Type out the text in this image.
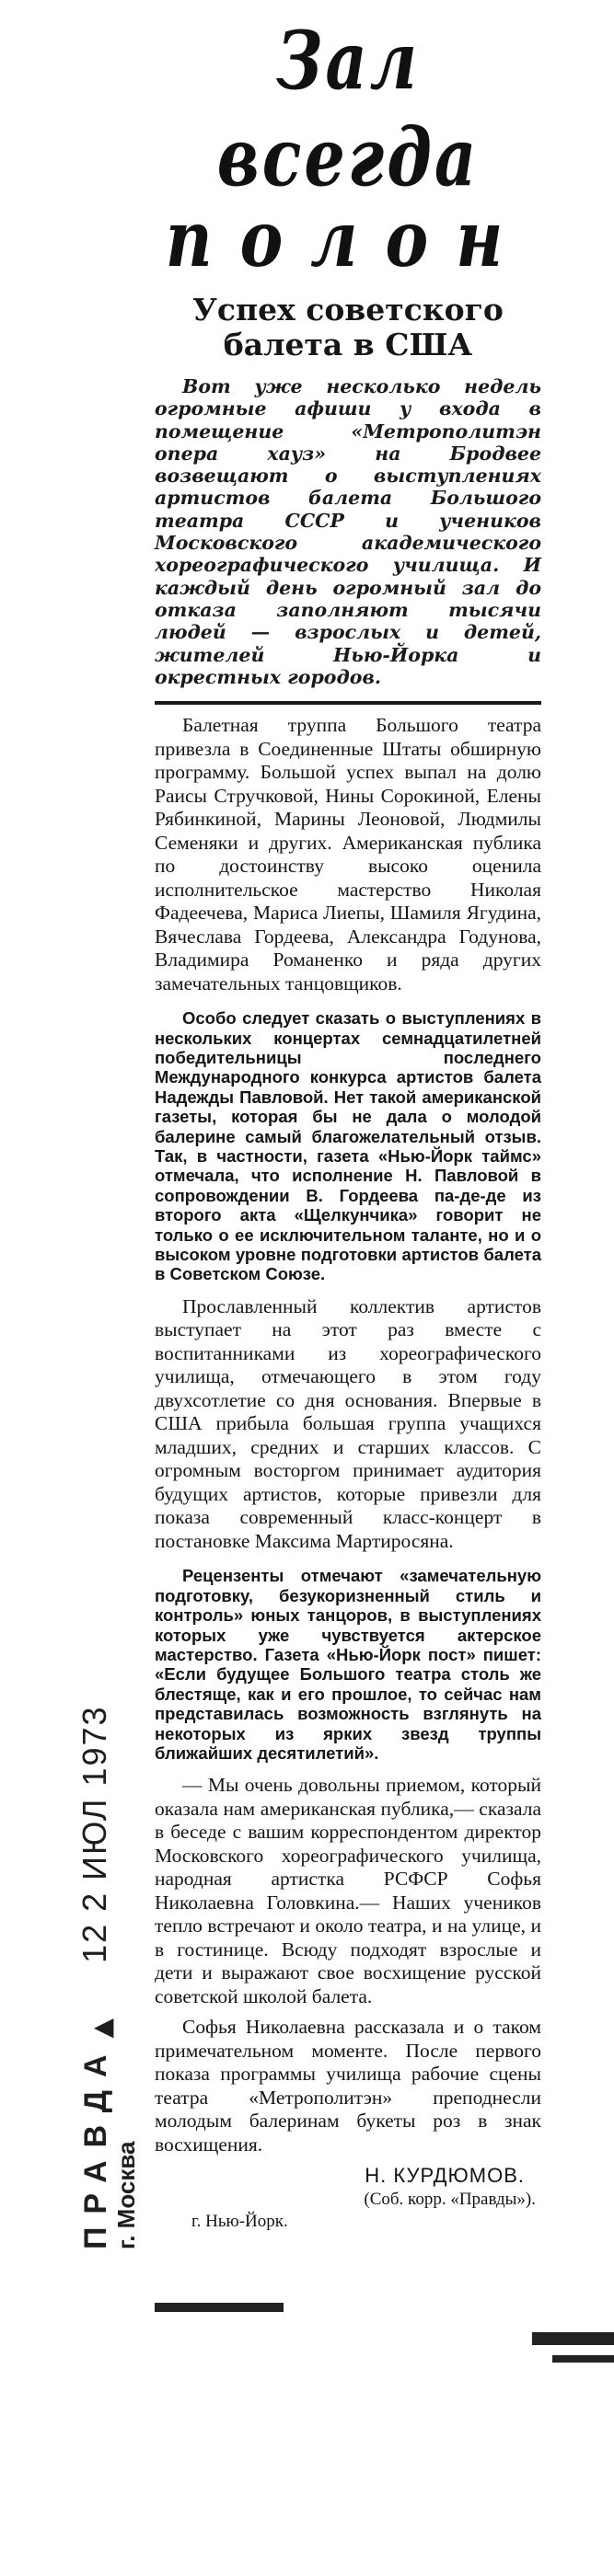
ПРАВДА▲12 2 ИЮЛ 1973
г. Москва
Зал всегда
полон
Успех советского
балета в США

Вот уже несколько недель огромные афиши у входа в помещение «Метрополитэн опера хауз» на Бродвее возвещают о выступлениях артистов балета Большого театра СССР и учеников Московского академического хореографического училища. И каждый день огромный зал до отказа заполняют тысячи людей — взрослых и детей, жителей Нью-Йорка и окрестных городов.

Балетная труппа Большого театра привезла в Соединенные Штаты обширную программу. Большой успех выпал на долю Раисы Стручковой, Нины Сорокиной, Елены Рябинкиной, Марины Леоновой, Людмилы Семеняки и других. Американская публика по достоинству высоко оценила исполнительское мастерство Николая Фадеечева, Мариса Лиепы, Шамиля Ягудина, Вячеслава Гордеева, Александра Годунова, Владимира Романенко и ряда других замечательных танцовщиков.

Особо следует сказать о выступлениях в нескольких концертах семнадцатилетней победительницы последнего Международного конкурса артистов балета Надежды Павловой. Нет такой американской газеты, которая бы не дала о молодой балерине самый благожелательный отзыв. Так, в частности, газета «Нью-Йорк таймс» отмечала, что исполнение Н. Павловой в сопровождении В. Гордеева па-де-де из второго акта «Щелкунчика» говорит не только о ее исключительном таланте, но и о высоком уровне подготовки артистов балета в Советском Союзе.

Прославленный коллектив артистов выступает на этот раз вместе с воспитанниками из хореографического училища, отмечающего в этом году двухсотлетие со дня основания. Впервые в США прибыла большая группа учащихся младших, средних и старших классов. С огромным восторгом принимает аудитория будущих артистов, которые привезли для показа современный класс-концерт в постановке Максима Мартиросяна.

Рецензенты отмечают «замечательную подготовку, безукоризненный стиль и контроль» юных танцоров, в выступлениях которых уже чувствуется актерское мастерство. Газета «Нью-Йорк пост» пишет: «Если будущее Большого театра столь же блестяще, как и его прошлое, то сейчас нам представилась возможность взглянуть на некоторых из ярких звезд труппы ближайших десятилетий».

— Мы очень довольны приемом, который оказала нам американская публика,— сказала в беседе с вашим корреспондентом директор Московского хореографического училища, народная артистка РСФСР Софья Николаевна Головкина.— Наших учеников тепло встречают и около театра, и на улице, и в гостинице. Всюду подходят взрослые и дети и выражают свое восхищение русской советской школой балета.

Софья Николаевна рассказала и о таком примечательном моменте. После первого показа программы училища рабочие сцены театра «Метрополитэн» преподнесли молодым балеринам букеты роз в знак восхищения.

Н. КУРДЮМОВ.
(Соб. корр. «Правды»).
г. Нью-Йорк.
